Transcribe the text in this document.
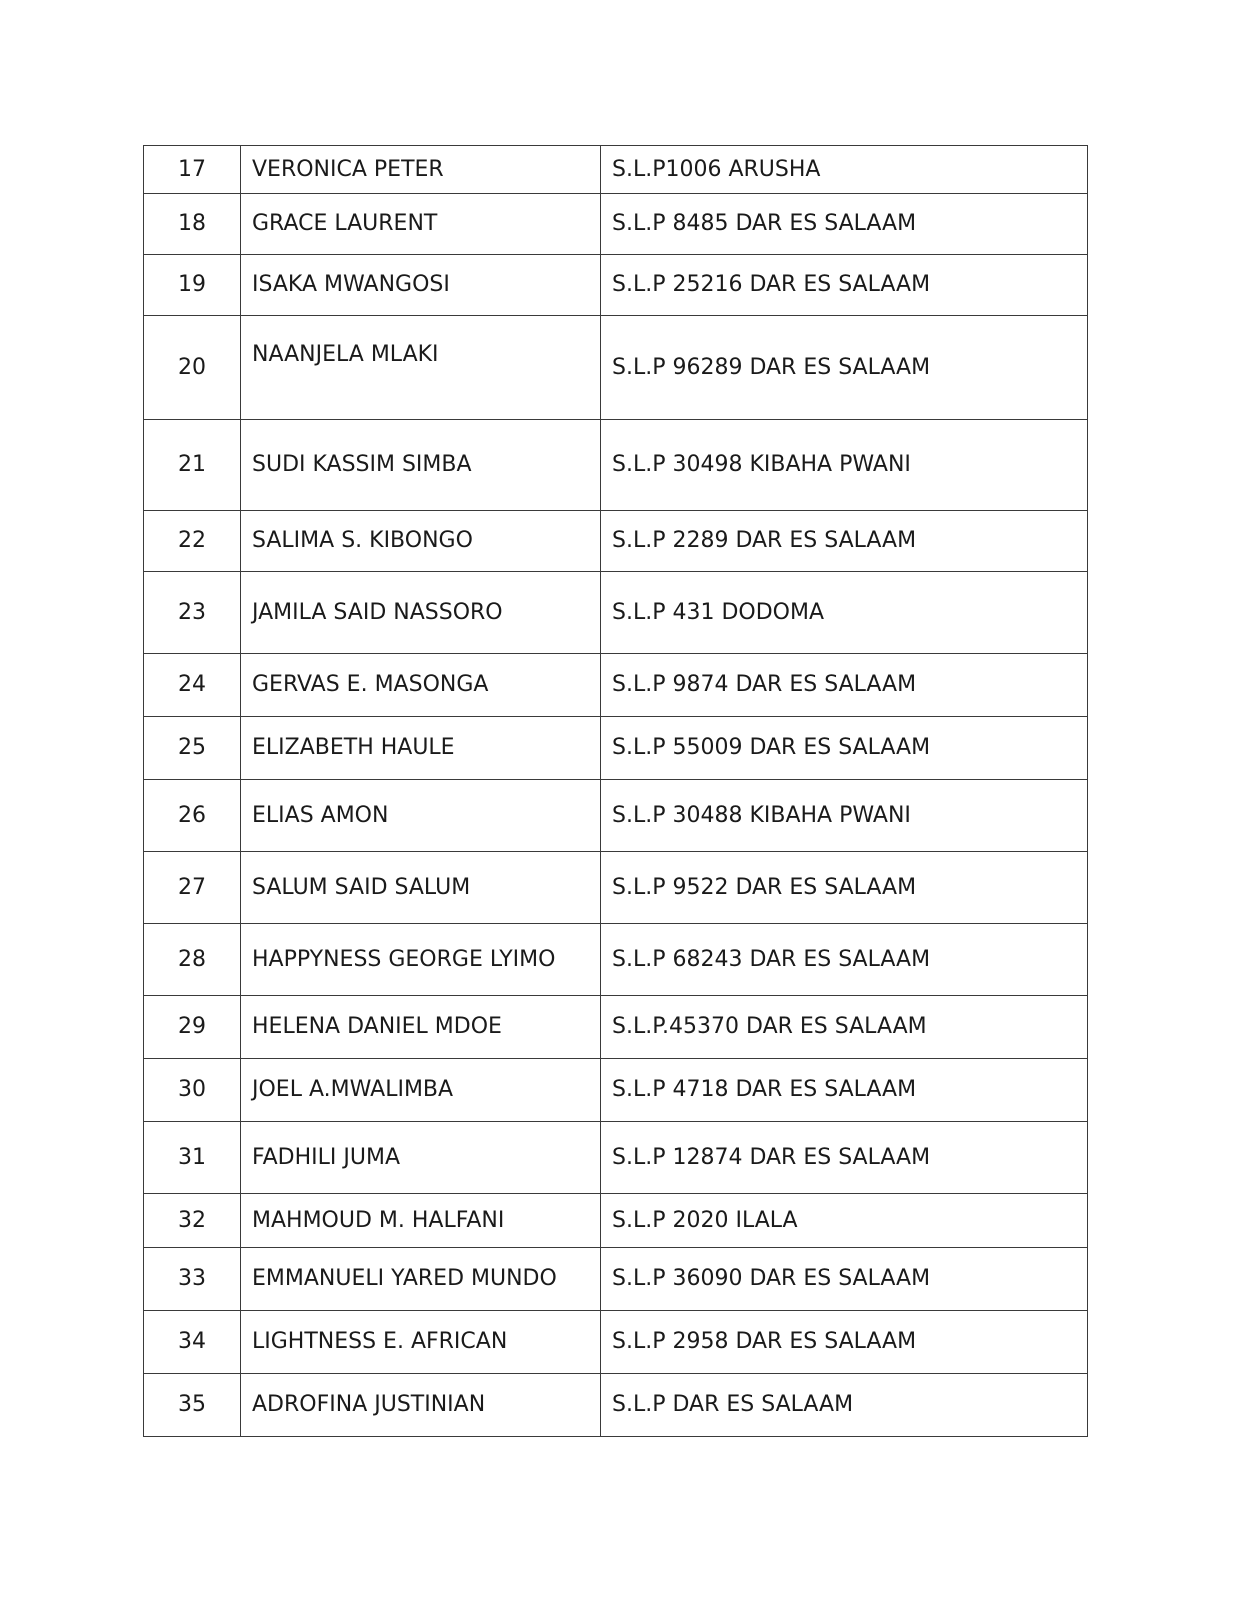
17	VERONICA PETER	S.L.P1006 ARUSHA
18	GRACE LAURENT	S.L.P 8485 DAR ES SALAAM
19	ISAKA MWANGOSI	S.L.P 25216 DAR ES SALAAM
20	NAANJELA MLAKI	S.L.P 96289 DAR ES SALAAM
21	SUDI KASSIM SIMBA	S.L.P 30498 KIBAHA PWANI
22	SALIMA S. KIBONGO	S.L.P 2289 DAR ES SALAAM
23	JAMILA SAID NASSORO	S.L.P 431 DODOMA
24	GERVAS E. MASONGA	S.L.P 9874 DAR ES SALAAM
25	ELIZABETH HAULE	S.L.P 55009 DAR ES SALAAM
26	ELIAS AMON	S.L.P 30488 KIBAHA PWANI
27	SALUM SAID SALUM	S.L.P 9522 DAR ES SALAAM
28	HAPPYNESS GEORGE LYIMO	S.L.P 68243 DAR ES SALAAM
29	HELENA DANIEL MDOE	S.L.P.45370 DAR ES SALAAM
30	JOEL A.MWALIMBA	S.L.P 4718 DAR ES SALAAM
31	FADHILI JUMA	S.L.P 12874 DAR ES SALAAM
32	MAHMOUD M. HALFANI	S.L.P 2020 ILALA
33	EMMANUELI YARED MUNDO	S.L.P 36090 DAR ES SALAAM
34	LIGHTNESS E. AFRICAN	S.L.P 2958 DAR ES SALAAM
35	ADROFINA JUSTINIAN	S.L.P DAR ES SALAAM
